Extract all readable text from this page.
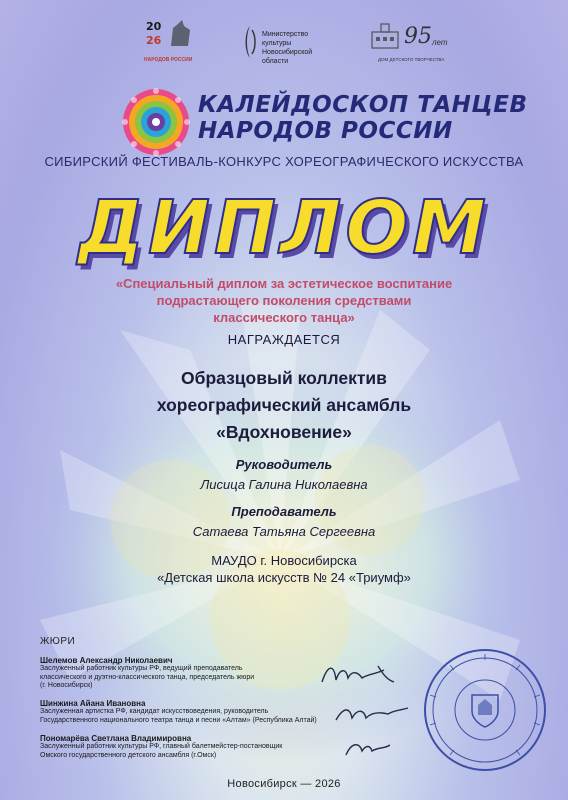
20
26
НАРОДОВ РОССИИ
Министерство культуры Новосибирской области
95 лет
ДОМ ДЕТСКОГО ТВОРЧЕСТВА
КАЛЕЙДОСКОП ТАНЦЕВ
НАРОДОВ РОССИИ
СИБИРСКИЙ ФЕСТИВАЛЬ-КОНКУРС ХОРЕОГРАФИЧЕСКОГО ИСКУССТВА
ДИПЛОМ
«Специальный диплом за эстетическое воспитание
подрастающего поколения средствами
классического танца»
НАГРАЖДАЕТСЯ
Образцовый коллектив
хореографический ансамбль
«Вдохновение»
Руководитель
Лисица Галина Николаевна
Преподаватель
Сатаева Татьяна Сергеевна
МАУДО г. Новосибирска
«Детская школа искусств № 24 «Триумф»
ЖЮРИ
Шелемов Александр Николаевич
Заслуженный работник культуры РФ, ведущий преподаватель
классического и дуэтно-классического танца, председатель жюри
(г. Новосибирск)
Шинжина Айана Ивановна
Заслуженная артистка РФ, кандидат искусствоведения, руководитель
Государственного национального театра танца и песни «Алтам» (Республика Алтай)
Пономарёва Светлана Владимировна
Заслуженный работник культуры РФ, главный балетмейстер-постановщик
Омского государственного детского ансамбля (г.Омск)
Новосибирск — 2026
